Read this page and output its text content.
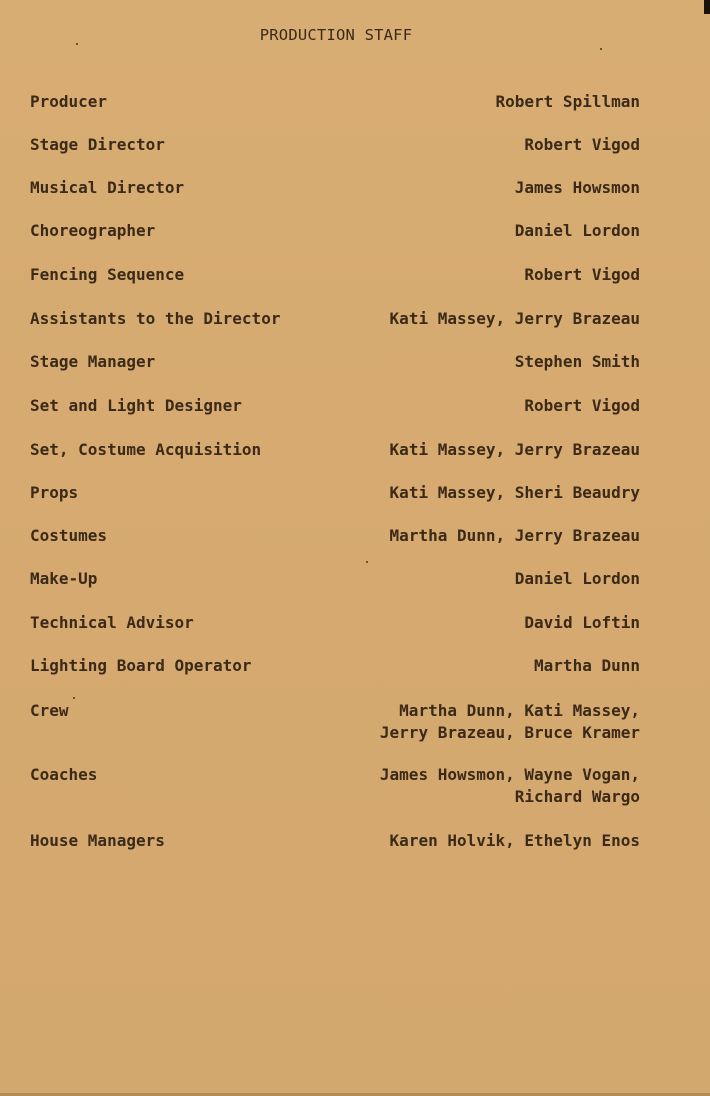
PRODUCTION STAFF
Producer	Robert Spillman
Stage Director	Robert Vigod
Musical Director	James Howsmon
Choreographer	Daniel Lordon
Fencing Sequence	Robert Vigod
Assistants to the Director	Kati Massey, Jerry Brazeau
Stage Manager	Stephen Smith
Set and Light Designer	Robert Vigod
Set, Costume Acquisition	Kati Massey, Jerry Brazeau
Props	Kati Massey, Sheri Beaudry
Costumes	Martha Dunn, Jerry Brazeau
Make-Up	Daniel Lordon
Technical Advisor	David Loftin
Lighting Board Operator	Martha Dunn
Crew	Martha Dunn, Kati Massey,
Jerry Brazeau, Bruce Kramer
Coaches	James Howsmon, Wayne Vogan,
Richard Wargo
House Managers	Karen Holvik, Ethelyn Enos
